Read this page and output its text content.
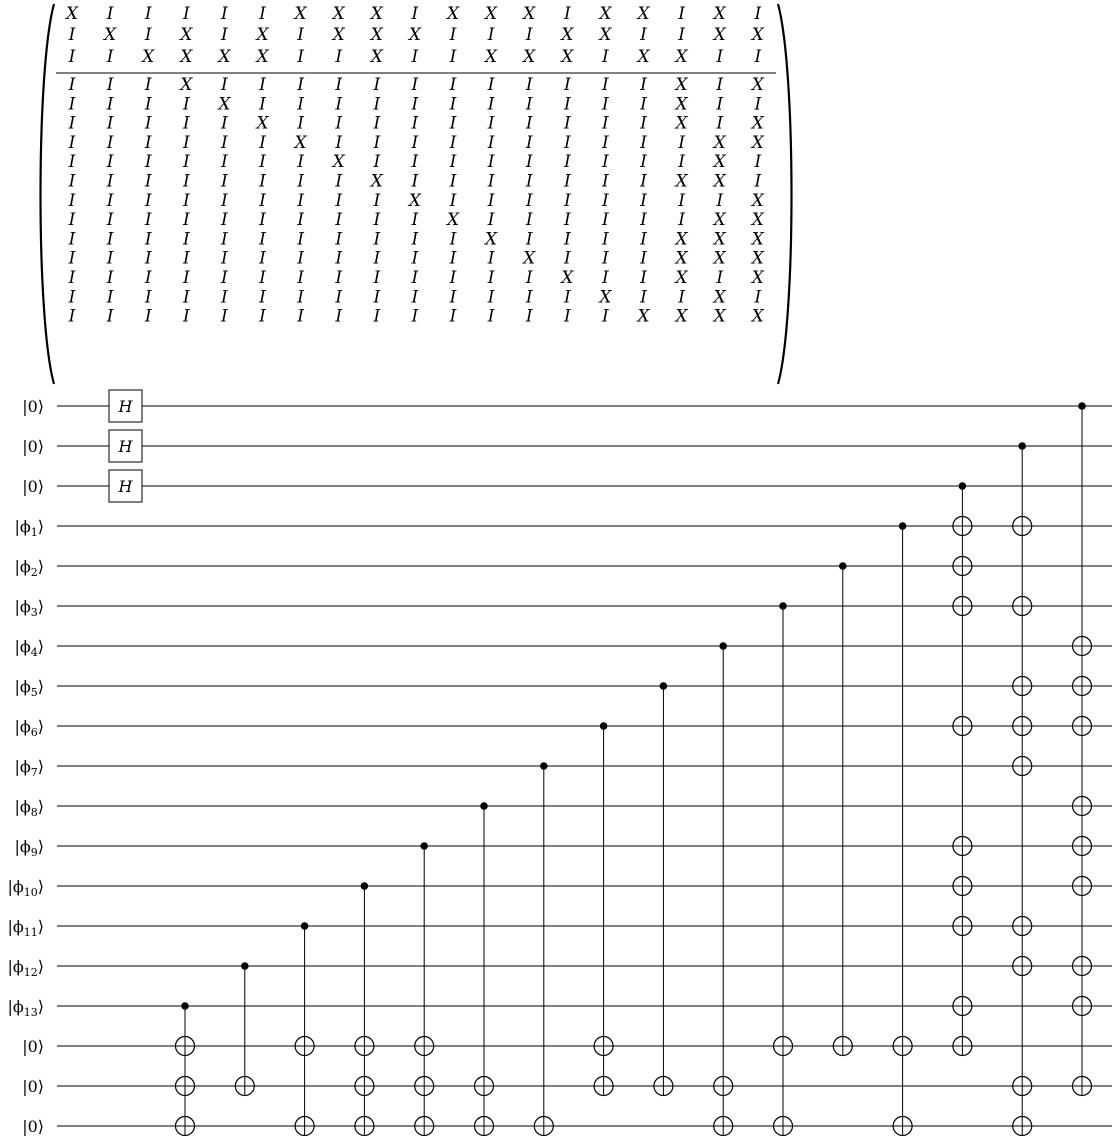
X I I I I I X X X I X X X I X X I X I
I X I X I X I X X X I I I X X I I X X
I I X X X X I I X I I X X X I X X I I
I I I X I I I I I I I I I I I I X I X
I I I I X I I I I I I I I I I I X I I
I I I I I X I I I I I I I I I I X I X
I I I I I I X I I I I I I I I I I X X
I I I I I I I X I I I I I I I I I X I
I I I I I I I I X I I I I I I I X X I
I I I I I I I I I X I I I I I I I I X
I I I I I I I I I I X I I I I I I X X
I I I I I I I I I I I X I I I I X X X
I I I I I I I I I I I I X I I I X X X
I I I I I I I I I I I I I X I I X I X
I I I I I I I I I I I I I I X I I X I
I I I I I I I I I I I I I I I X X X X
|0⟩
|0⟩
|0⟩
$|\phi_1⟩$
$|\phi_2⟩$
$|\phi_3⟩$
$|\phi_4⟩$
$|\phi_5⟩$
$|\phi_6⟩$
$|\phi_7⟩$
$|\phi_8⟩$
$|\phi_9⟩$
$|\phi_{10}⟩$
$|\phi_{11}⟩$
$|\phi_{12}⟩$
$|\phi_{13}⟩$
|0⟩
|0⟩
|0⟩
H
H
H
